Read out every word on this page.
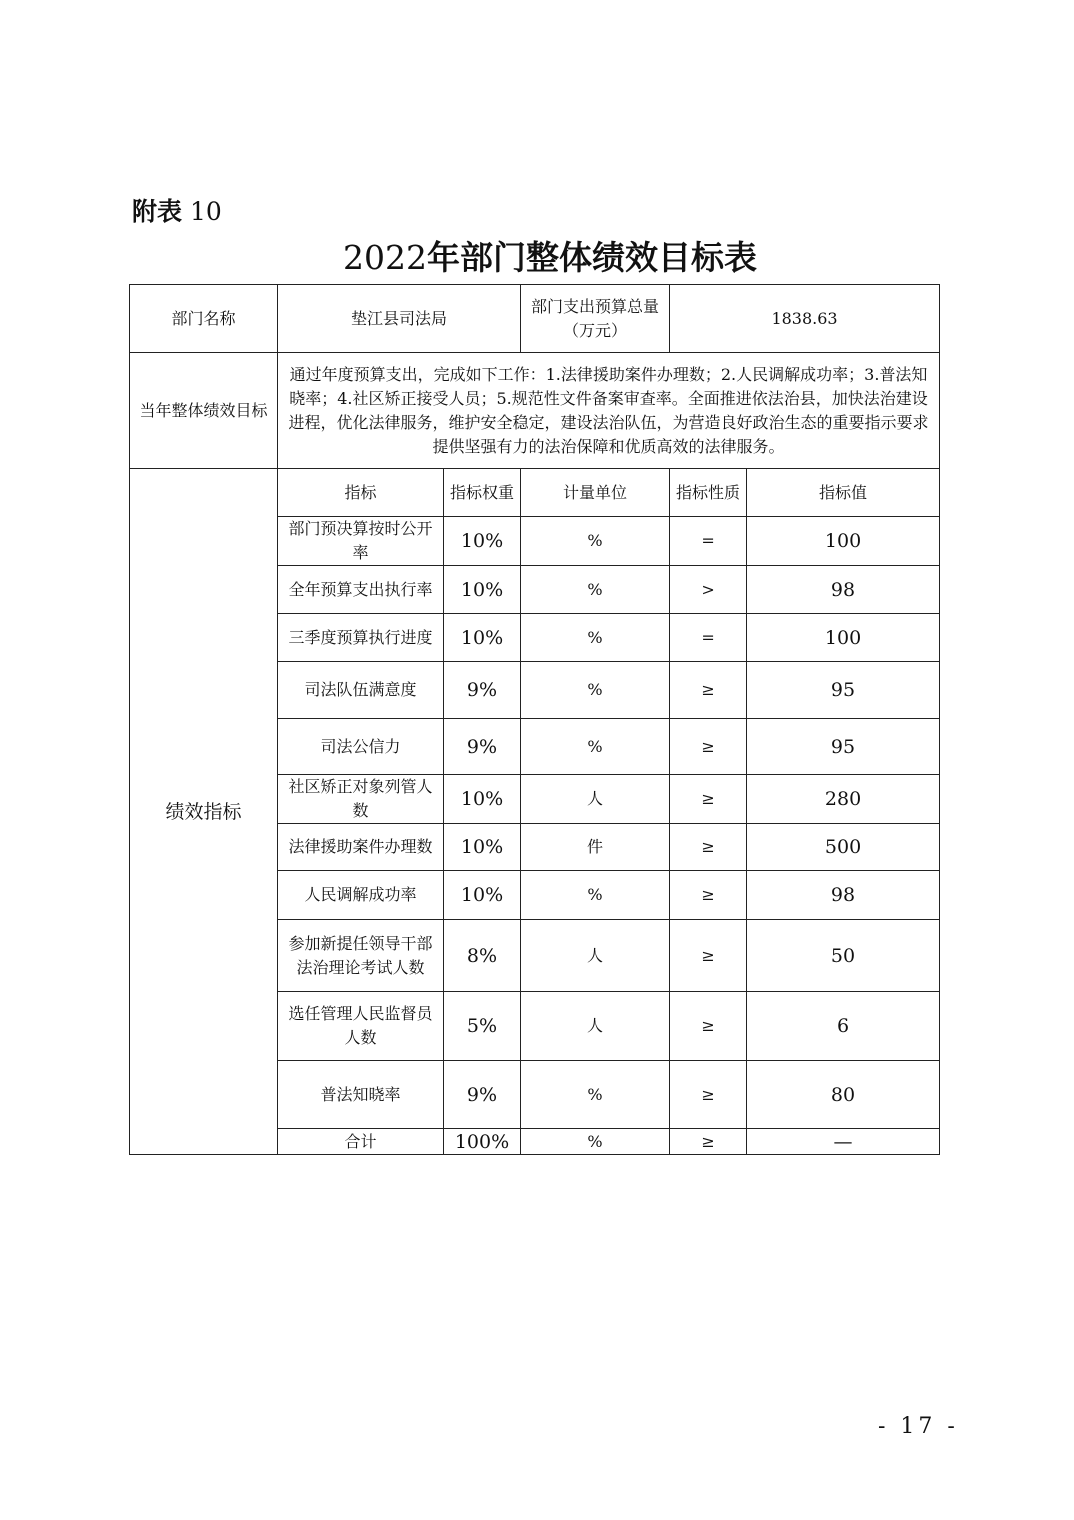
附表 10
2022年部门整体绩效目标表
部门名称	垫江县司法局		部门支出预算总量（万元）	1838.63	
当年整体绩效目标	通过年度预算支出，完成如下工作：1.法律援助案件办理数；2.人民调解成功率；3.普法知晓率；4.社区矫正接受人员；5.规范性文件备案审查率。全面推进依法治县，加快法治建设进程，优化法律服务，维护安全稳定，建设法治队伍，为营造良好政治生态的重要指示要求提供坚强有力的法治保障和优质高效的法律服务。				
绩效指标	指标	指标权重	计量单位	指标性质	指标值
	部门预决算按时公开率	10%	%	=	100
	全年预算支出执行率	10%	%	>	98
	三季度预算执行进度	10%	%	=	100
	司法队伍满意度	9%	%	≥	95
	司法公信力	9%	%	≥	95
	社区矫正对象列管人数	10%	人	≥	280
	法律援助案件办理数	10%	件	≥	500
	人民调解成功率	10%	%	≥	98
	参加新提任领导干部法治理论考试人数	8%	人	≥	50
	选任管理人民监督员人数	5%	人	≥	6
	普法知晓率	9%	%	≥	80
	合计	100%	%	≥	—
- 17 -
